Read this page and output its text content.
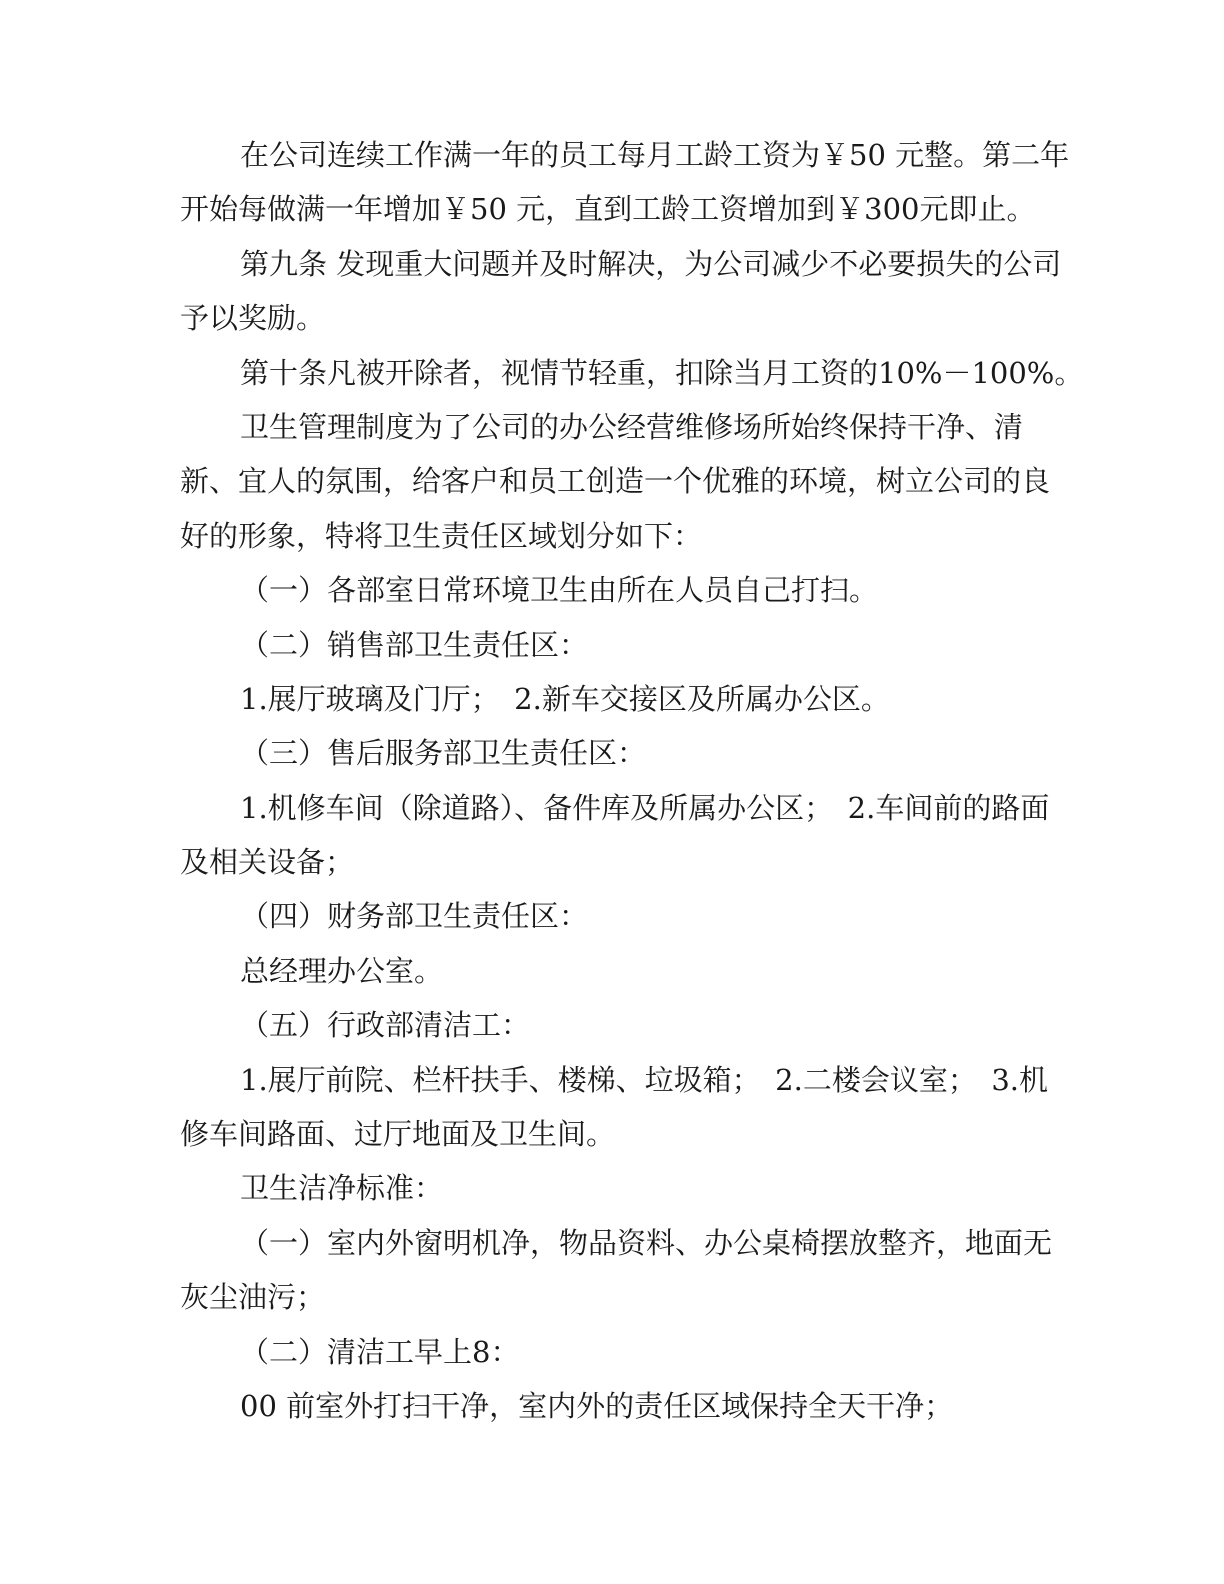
在公司连续工作满一年的员工每月工龄工资为￥50 元整。第二年
开始每做满一年增加￥50 元，直到工龄工资增加到￥300元即止。
第九条 发现重大问题并及时解决，为公司减少不必要损失的公司
予以奖励。
第十条凡被开除者，视情节轻重，扣除当月工资的10%－100%。
卫生管理制度为了公司的办公经营维修场所始终保持干净、清
新、宜人的氛围，给客户和员工创造一个优雅的环境，树立公司的良
好的形象，特将卫生责任区域划分如下：
（一）各部室日常环境卫生由所在人员自己打扫。
（二）销售部卫生责任区：
1.展厅玻璃及门厅；　2.新车交接区及所属办公区。
（三）售后服务部卫生责任区：
1.机修车间（除道路）、备件库及所属办公区；　2.车间前的路面
及相关设备；
（四）财务部卫生责任区：
总经理办公室。
（五）行政部清洁工：
1.展厅前院、栏杆扶手、楼梯、垃圾箱；　2.二楼会议室；　3.机
修车间路面、过厅地面及卫生间。
卫生洁净标准：
（一）室内外窗明机净，物品资料、办公桌椅摆放整齐，地面无
灰尘油污；
（二）清洁工早上8：
00 前室外打扫干净，室内外的责任区域保持全天干净；
